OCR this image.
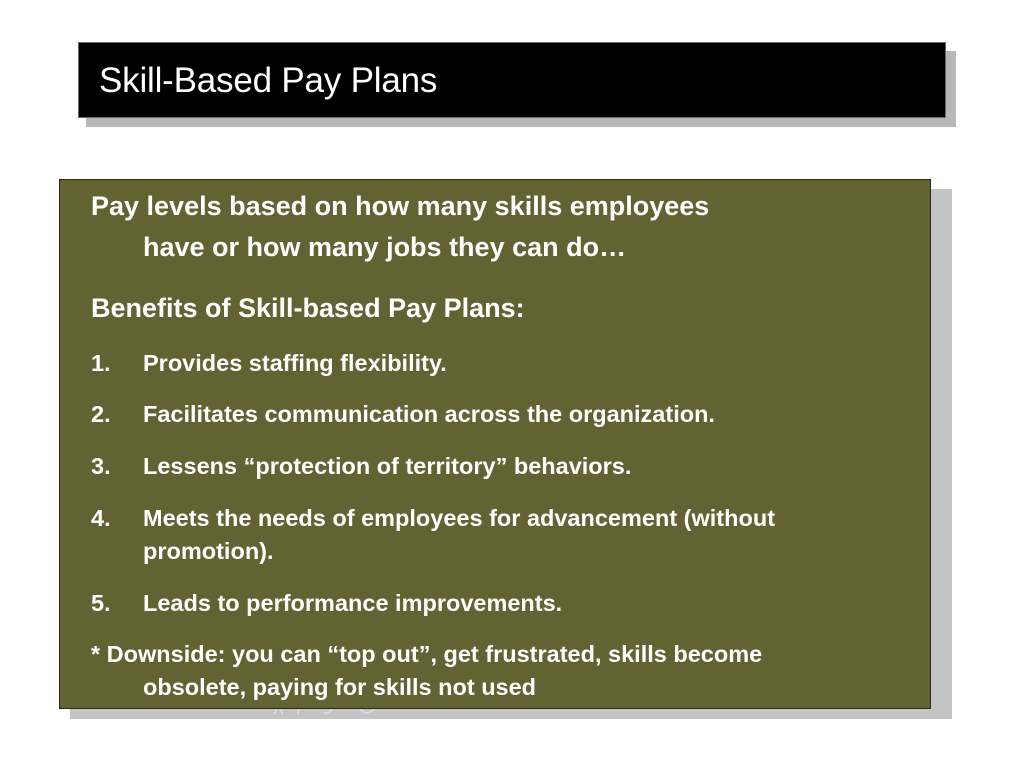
Skill-Based Pay Plans
Pay levels based on how many skills employees
have or how many jobs they can do…
Benefits of Skill-based Pay Plans:
1. Provides staffing flexibility.
2. Facilitates communication across the organization.
3. Lessens “protection of territory” behaviors.
4. Meets the needs of employees for advancement (without
promotion).
5. Leads to performance improvements.
* Downside: you can “top out”, get frustrated, skills become
obsolete, paying for skills not used
